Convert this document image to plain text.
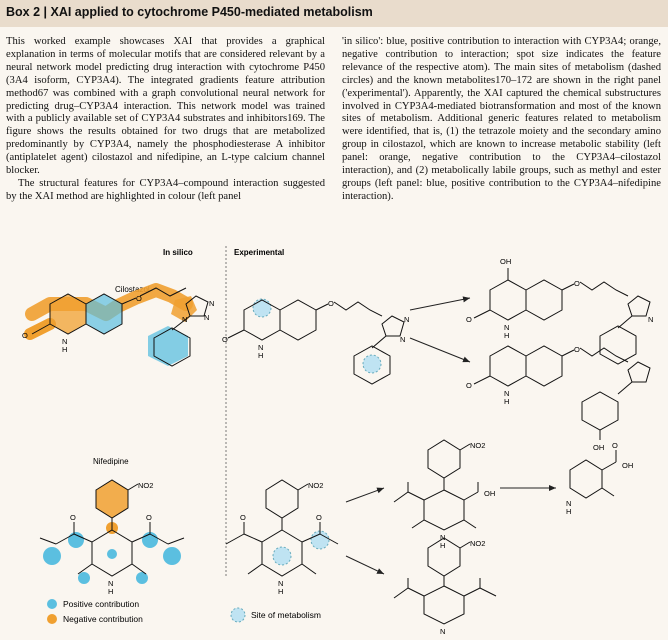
Box 2 | XAI applied to cytochrome P450-mediated metabolism

This worked example showcases XAI that provides a graphical explanation in terms of molecular motifs that are considered relevant by a neural network model predicting drug interaction with cytochrome P450 (3A4 isoform, CYP3A4). The integrated gradients feature attribution method67 was combined with a graph convolutional neural network for predicting drug–CYP3A4 interaction. This network model was trained with a publicly available set of CYP3A4 substrates and inhibitors169. The figure shows the results obtained for two drugs that are metabolized predominantly by CYP3A4, namely the phosphodiesterase A inhibitor (antiplatelet agent) cilostazol and nifedipine, an L-type calcium channel blocker.

The structural features for CYP3A4–compound interaction suggested by the XAI method are highlighted in colour (left panel

'in silico': blue, positive contribution to interaction with CYP3A4; orange, negative contribution to interaction; spot size indicates the feature relevance of the respective atom). The main sites of metabolism (dashed circles) and the known metabolites170–172 are shown in the right panel ('experimental'). Apparently, the XAI captured the chemical substructures involved in CYP3A4-mediated biotransformation and most of the known sites of metabolism. Additional generic features related to metabolism were identified, that is, (1) the tetrazole moiety and the secondary amino group in cilostazol, which are known to increase metabolic stability (left panel: orange, negative contribution to the CYP3A4–cilostazol interaction), and (2) metabolically labile groups, such as methyl and ester groups (left panel: blue, positive contribution to the CYP3A4–nifedipine interaction).

In silico	Experimental
Cilostazol
O
N
H
O
N
N
N
O
N
H
O
N
N
OH
O
N
H
O
N
O
N
H
O
OH
Nifedipine
NO2
O	O
N
H
NO2
O	O
N
H
NO2
OH
N
H
OH
O
N
H
NO2
N
Positive contribution
Negative contribution	Site of metabolism
